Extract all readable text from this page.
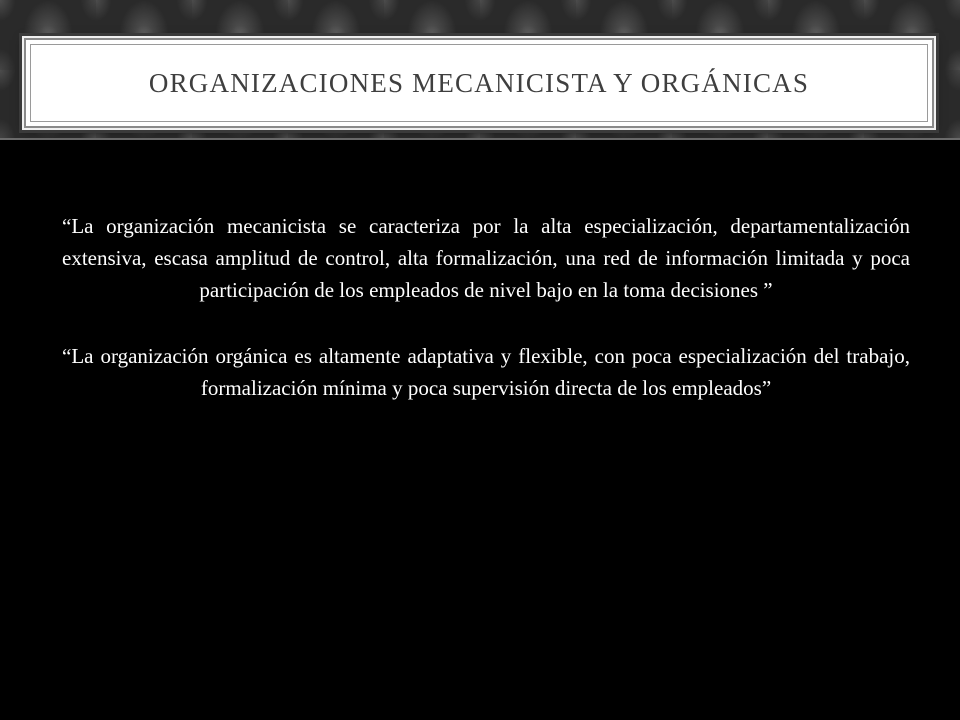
ORGANIZACIONES MECANICISTA Y ORGÁNICAS

“La organización mecanicista se caracteriza por la alta especialización, departamentalización extensiva, escasa amplitud de control, alta formalización, una red de información limitada y poca participación de los empleados de nivel bajo en la toma decisiones ”

“La organización orgánica es altamente adaptativa y flexible, con poca especialización del trabajo, formalización mínima y poca supervisión directa de los empleados”
